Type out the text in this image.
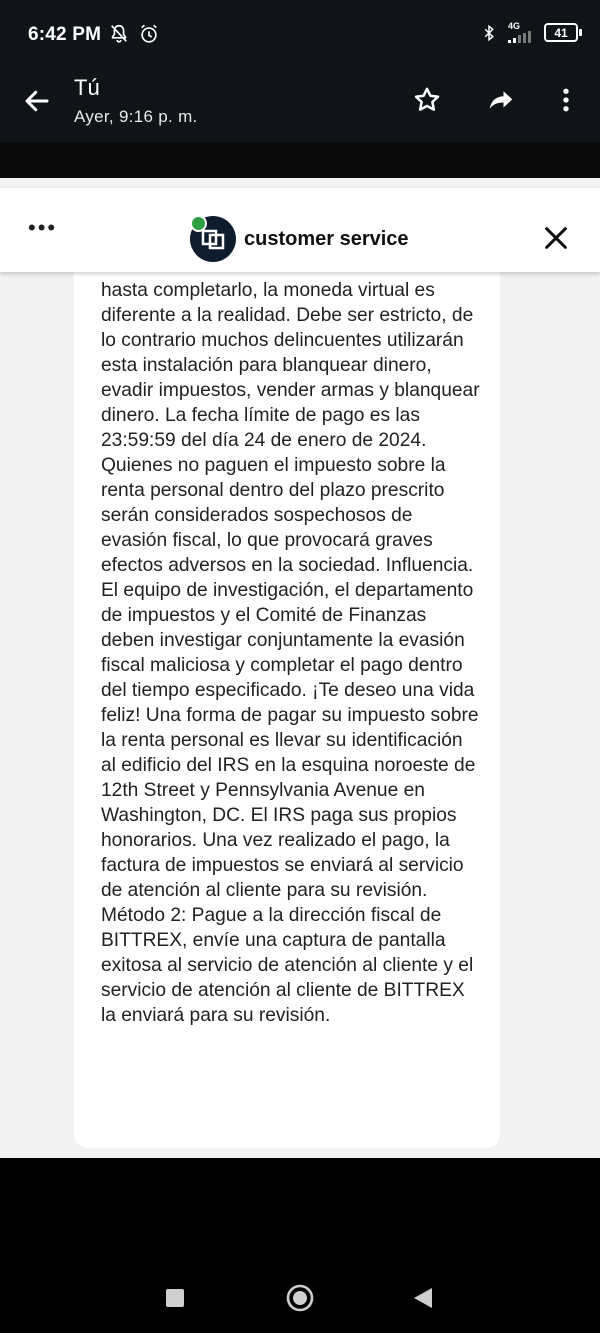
6:42 PM
	4G	41
Tú
Ayer, 9:16 p. m.
•••	customer service

hasta completarlo, la moneda virtual es diferente a la realidad. Debe ser estricto, de lo contrario muchos delincuentes utilizarán esta instalación para blanquear dinero, evadir impuestos, vender armas y blanquear dinero. La fecha límite de pago es las 23:59:59 del día 24 de enero de 2024. Quienes no paguen el impuesto sobre la renta personal dentro del plazo prescrito serán considerados sospechosos de evasión fiscal, lo que provocará graves efectos adversos en la sociedad. Influencia. El equipo de investigación, el departamento de impuestos y el Comité de Finanzas deben investigar conjuntamente la evasión fiscal maliciosa y completar el pago dentro del tiempo especificado. ¡Te deseo una vida feliz! Una forma de pagar su impuesto sobre la renta personal es llevar su identificación al edificio del IRS en la esquina noroeste de 12th Street y Pennsylvania Avenue en Washington, DC. El IRS paga sus propios honorarios. Una vez realizado el pago, la factura de impuestos se enviará al servicio de atención al cliente para su revisión. Método 2: Pague a la dirección fiscal de BITTREX, envíe una captura de pantalla exitosa al servicio de atención al cliente y el servicio de atención al cliente de BITTREX la enviará para su revisión.
